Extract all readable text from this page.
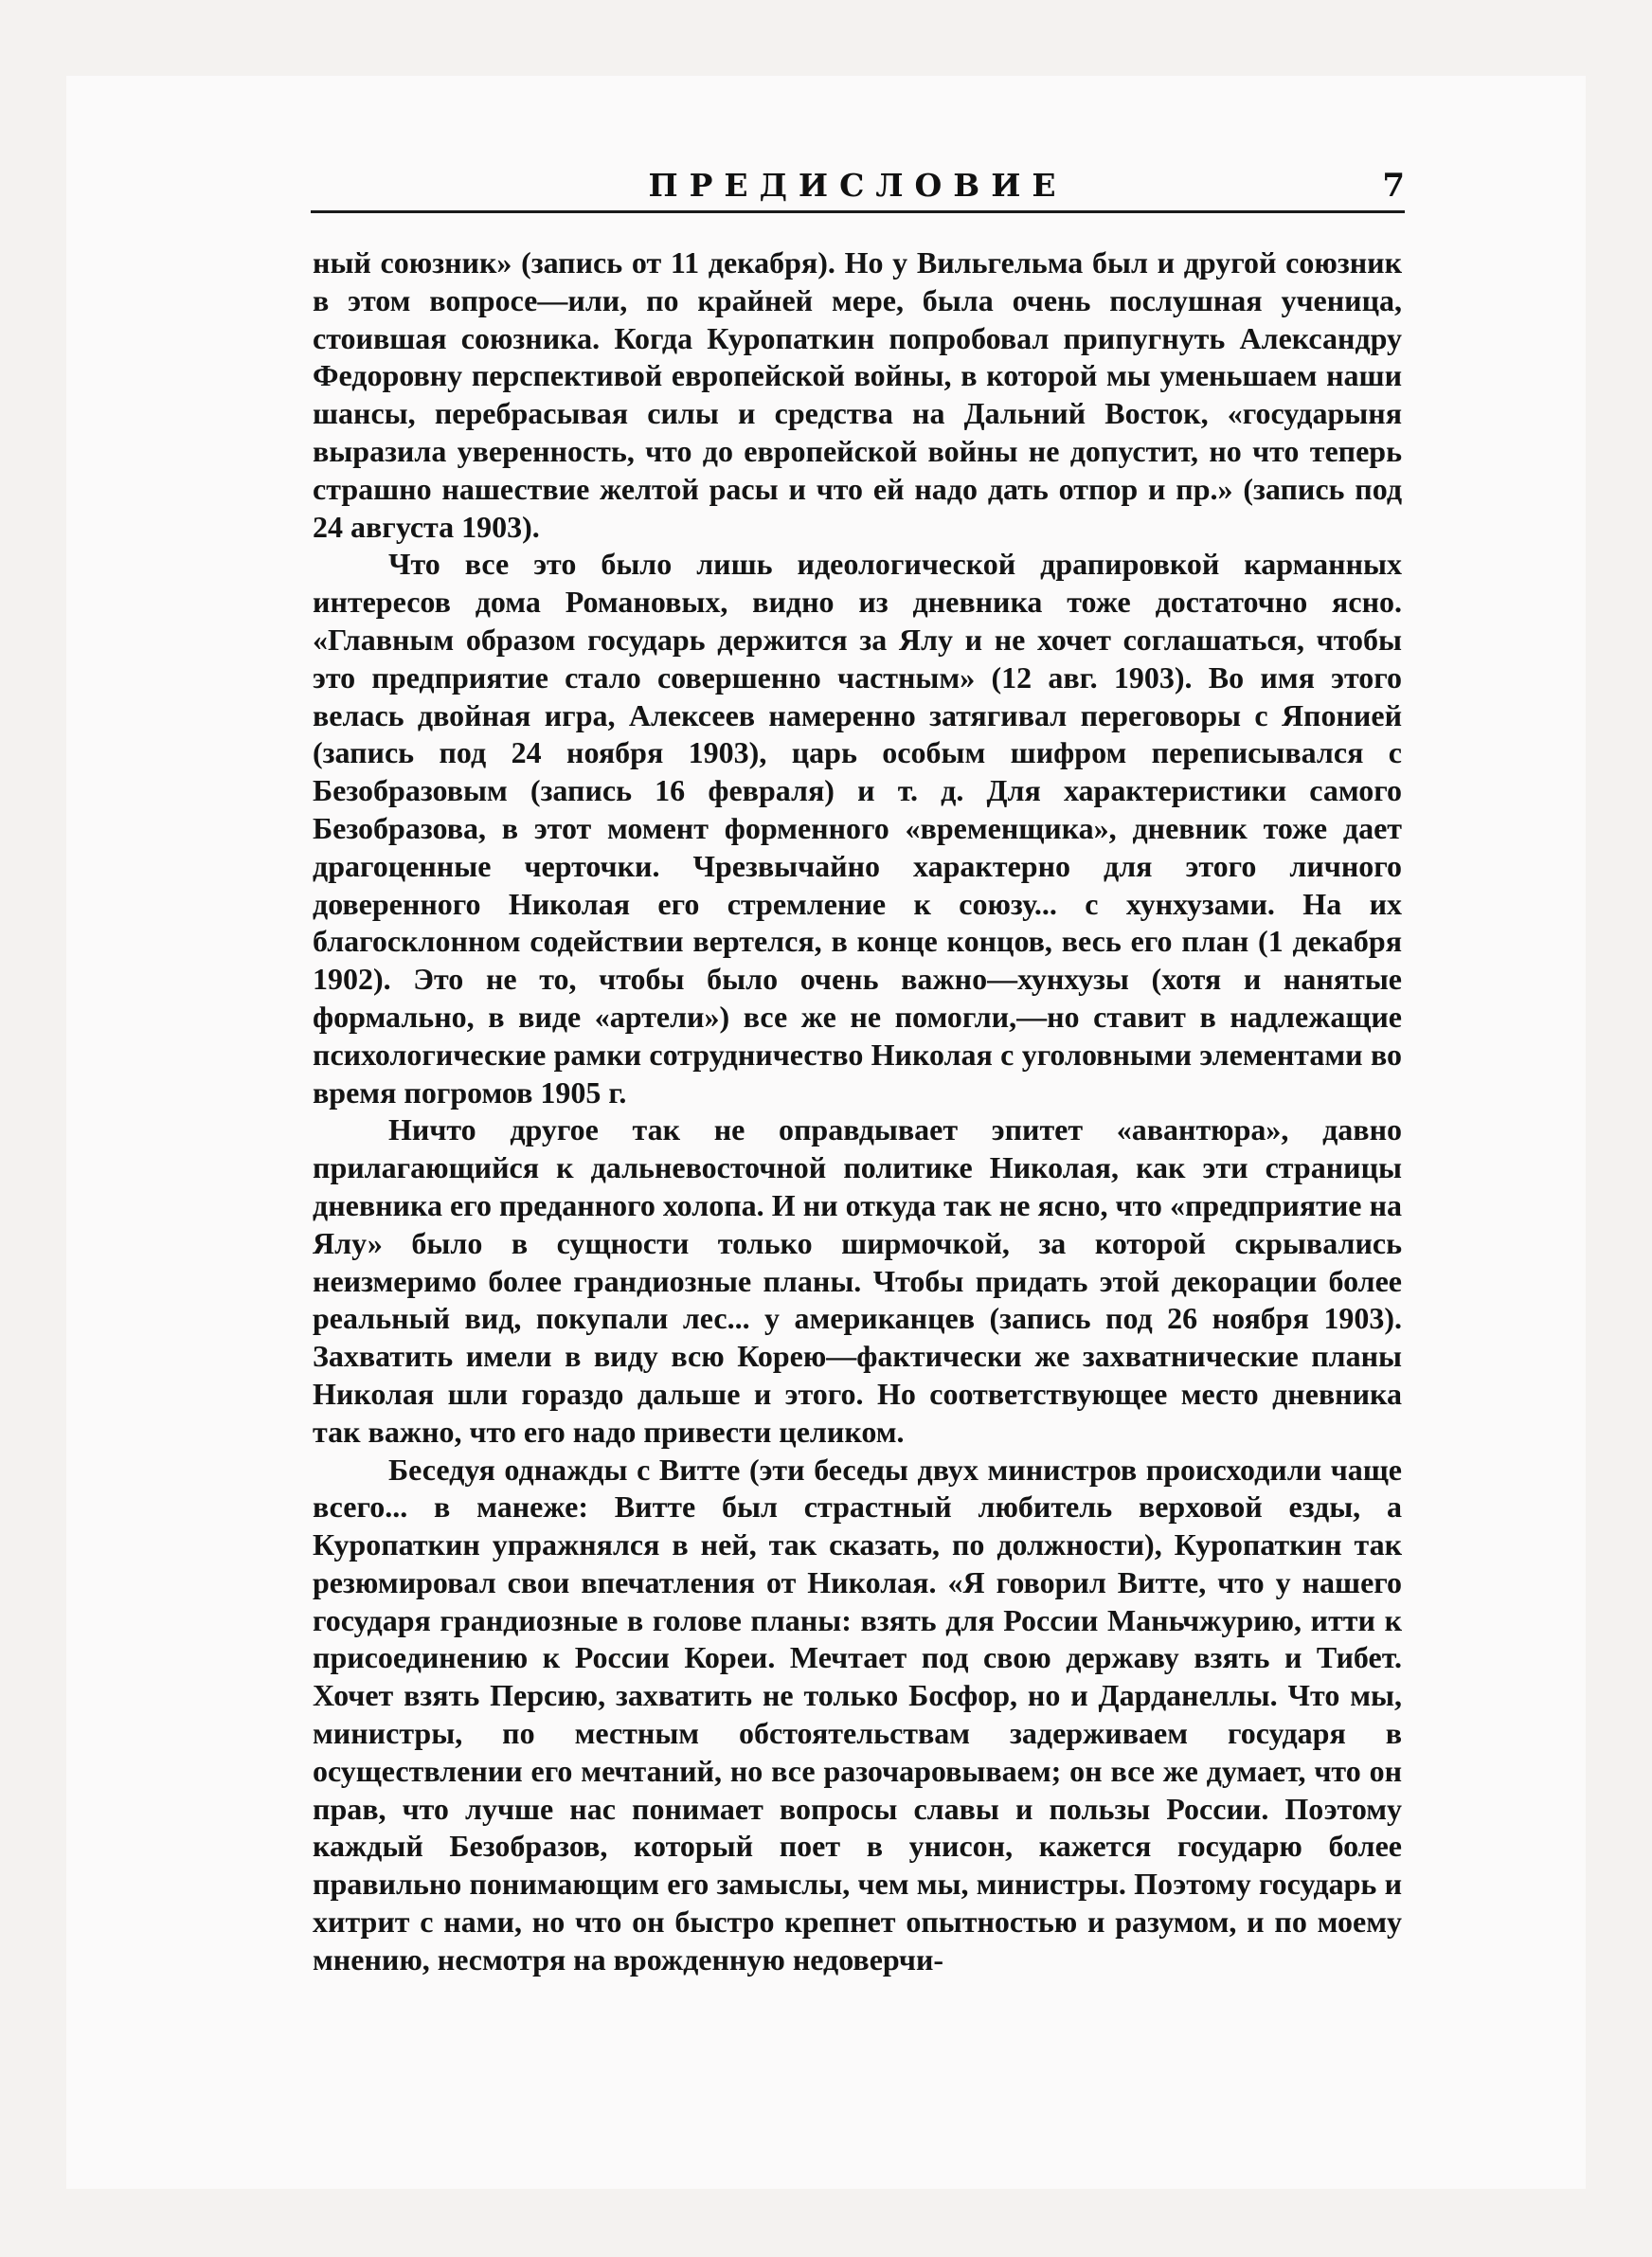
ПРЕДИСЛОВИЕ	7

ный союзник» (запись от 11 декабря). Но у Вильгельма был и другой союзник в этом вопросе—или, по крайней мере, была очень послушная ученица, стоившая союзника. Когда Куропаткин попробовал припугнуть Александру Федоровну перспективой европейской войны, в которой мы уменьшаем наши шансы, перебрасывая силы и средства на Дальний Восток, «государыня выразила уверенность, что до европейской войны не допустит, но что теперь страшно нашествие желтой расы и что ей надо дать отпор и пр.» (запись под 24 августа 1903).

Что все это было лишь идеологической драпировкой карманных интересов дома Романовых, видно из дневника тоже достаточно ясно. «Главным образом государь держится за Ялу и не хочет соглашаться, чтобы это предприятие стало совершенно частным» (12 авг. 1903). Во имя этого велась двойная игра, Алексеев намеренно затягивал переговоры с Японией (запись под 24 ноября 1903), царь особым шифром переписывался с Безобразовым (запись 16 февраля) и т. д. Для характеристики самого Безобразова, в этот момент форменного «временщика», дневник тоже дает драгоценные черточки. Чрезвычайно характерно для этого личного доверенного Николая его стремление к союзу... с хунхузами. На их благосклонном содействии вертелся, в конце концов, весь его план (1 декабря 1902). Это не то, чтобы было очень важно—хунхузы (хотя и нанятые формально, в виде «артели») все же не помогли,—но ставит в надлежащие психологические рамки сотрудничество Николая с уголовными элементами во время погромов 1905 г.

Ничто другое так не оправдывает эпитет «авантюра», давно прилагающийся к дальневосточной политике Николая, как эти страницы дневника его преданного холопа. И ни откуда так не ясно, что «предприятие на Ялу» было в сущности только ширмочкой, за которой скрывались неизмеримо более грандиозные планы. Чтобы придать этой декорации более реальный вид, покупали лес... у американцев (запись под 26 ноября 1903). Захватить имели в виду всю Корею—фактически же захватнические планы Николая шли гораздо дальше и этого. Но соответствующее место дневника так важно, что его надо привести целиком.

Беседуя однажды с Витте (эти беседы двух министров происходили чаще всего... в манеже: Витте был страстный любитель верховой езды, а Куропаткин упражнялся в ней, так сказать, по должности), Куропаткин так резюмировал свои впечатления от Николая. «Я говорил Витте, что у нашего государя грандиозные в голове планы: взять для России Маньчжурию, итти к присоединению к России Кореи. Мечтает под свою державу взять и Тибет. Хочет взять Персию, захватить не только Босфор, но и Дарданеллы. Что мы, министры, по местным обстоятельствам задерживаем государя в осуществлении его мечтаний, но все разочаровываем; он все же думает, что он прав, что лучше нас понимает вопросы славы и пользы России. Поэтому каждый Безобразов, который поет в унисон, кажется государю более правильно понимающим его замыслы, чем мы, министры. Поэтому государь и хитрит с нами, но что он быстро крепнет опытностью и разумом, и по моему мнению, несмотря на врожденную недоверчи-
